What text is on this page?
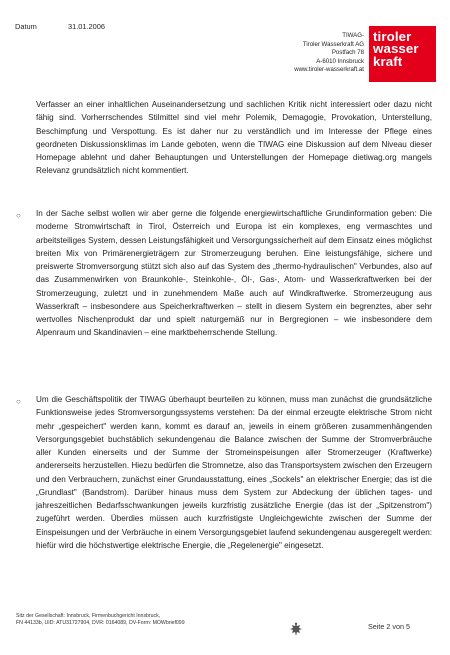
Datum	31.01.2006
TIWAG-
Tiroler Wasserkraft AG
Postfach 78
A-6010 Innsbruck
www.tiroler-wasserkraft.at
tiroler
wasser
kraft
Verfasser an einer inhaltlichen Auseinandersetzung und sachlichen Kritik nicht interessiert oder dazu nicht fähig sind. Vorherrschendes Stilmittel sind viel mehr Polemik, Demagogie, Provokation, Unterstellung, Beschimpfung und Verspottung. Es ist daher nur zu verständlich und im Interesse der Pflege eines geordneten Diskussionsklimas im Lande geboten, wenn die TIWAG eine Diskussion auf dem Niveau dieser Homepage ablehnt und daher Behauptungen und Unterstellungen der Homepage dietiwag.org mangels Relevanz grundsätzlich nicht kommentiert.
○ In der Sache selbst wollen wir aber gerne die folgende energiewirtschaftliche Grundinformation geben: Die moderne Stromwirtschaft in Tirol, Österreich und Europa ist ein komplexes, eng vermaschtes und arbeitsteiliges System, dessen Leistungsfähigkeit und Versorgungssicherheit auf dem Einsatz eines möglichst breiten Mix von Primärenergieträgern zur Stromerzeugung beruhen. Eine leistungsfähige, sichere und preiswerte Stromversorgung stützt sich also auf das System des „thermo-hydraulischen" Verbundes, also auf das Zusammenwirken von Braunkohle-, Steinkohle-, Öl-, Gas-, Atom- und Wasserkraftwerken bei der Stromerzeugung, zuletzt und in zunehmendem Maße auch auf Windkraftwerke. Stromerzeugung aus Wasserkraft – insbesondere aus Speicherkraftwerken – stellt in diesem System ein begrenztes, aber sehr wertvolles Nischenprodukt dar und spielt naturgemäß nur in Bergregionen – wie insbesondere dem Alpenraum und Skandinavien – eine marktbeherrschende Stellung.
○ Um die Geschäftspolitik der TIWAG überhaupt beurteilen zu können, muss man zunächst die grundsätzliche Funktionsweise jedes Stromversorgungssystems verstehen: Da der einmal erzeugte elektrische Strom nicht mehr „gespeichert" werden kann, kommt es darauf an, jeweils in einem größeren zusammenhängenden Versorgungsgebiet buchstäblich sekundengenau die Balance zwischen der Summe der Stromverbräuche aller Kunden einerseits und der Summe der Stromeinspeisungen aller Stromerzeuger (Kraftwerke) andererseits herzustellen. Hiezu bedürfen die Stromnetze, also das Transportsystem zwischen den Erzeugern und den Verbrauchern, zunächst einer Grundausstattung, eines „Sockels" an elektrischer Energie; das ist die „Grundlast" (Bandstrom). Darüber hinaus muss dem System zur Abdeckung der üblichen tages- und jahreszeitlichen Bedarfsschwankungen jeweils kurzfristig zusätzliche Energie (das ist der „Spitzenstrom") zugeführt werden. Überdies müssen auch kurzfristigste Ungleichgewichte zwischen der Summe der Einspeisungen und der Verbräuche in einem Versorgungsgebiet laufend sekundengenau ausgeregelt werden: hiefür wird die höchstwertige elektrische Energie, die „Regelenergie" eingesetzt.
Sitz der Gesellschaft: Innsbruck, Firmenbuchgericht Innsbruck,
FN 44133b, UID: ATU31727904, DVR: 0164089, DV-Form: MOWbrief099	Seite 2 von 5
